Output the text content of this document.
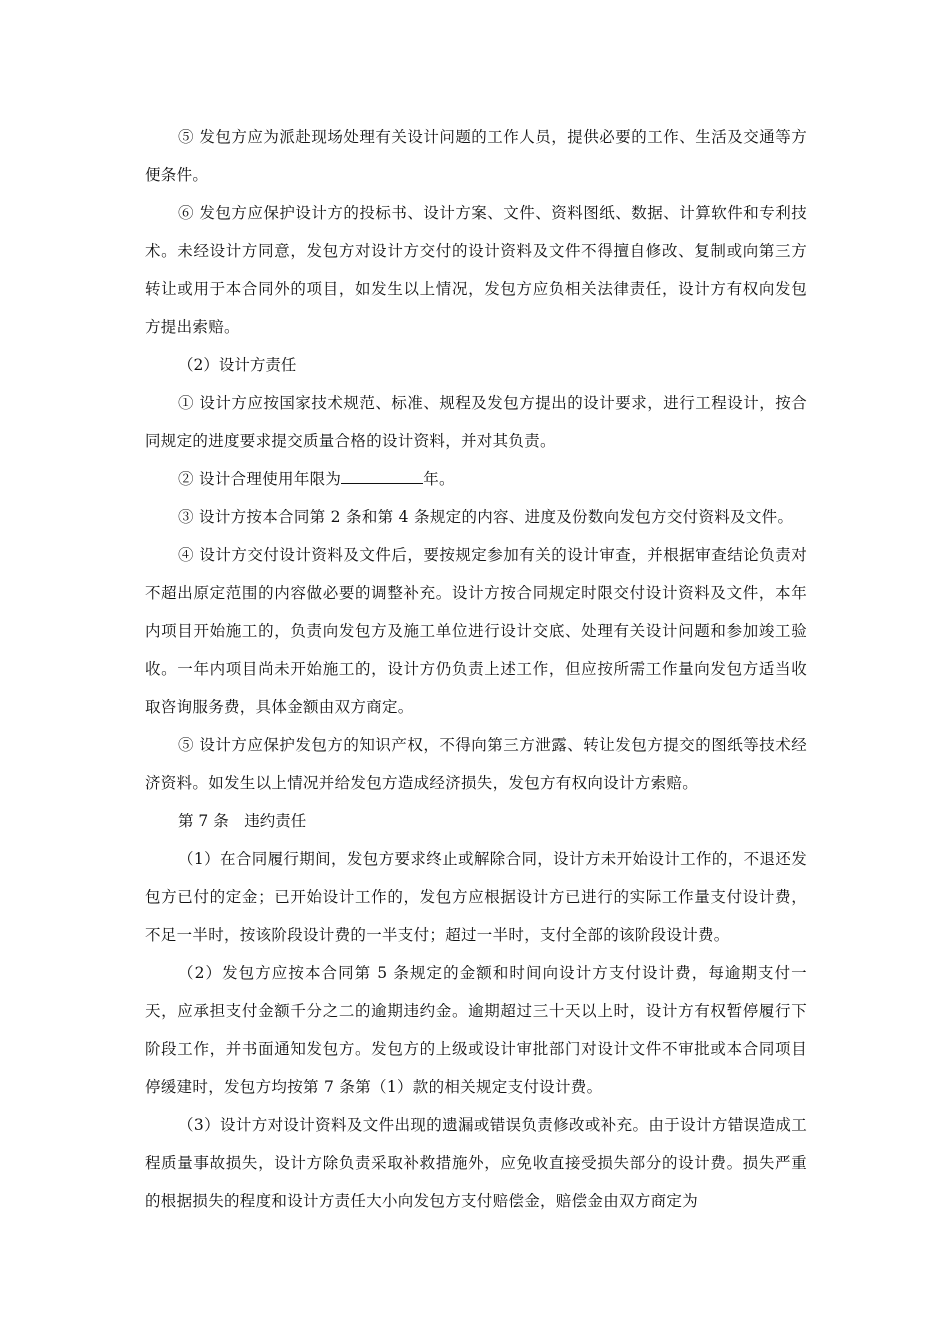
⑤ 发包方应为派赴现场处理有关设计问题的工作人员，提供必要的工作、生活及交通等方便条件。

⑥ 发包方应保护设计方的投标书、设计方案、文件、资料图纸、数据、计算软件和专利技术。未经设计方同意，发包方对设计方交付的设计资料及文件不得擅自修改、复制或向第三方转让或用于本合同外的项目，如发生以上情况，发包方应负相关法律责任，设计方有权向发包方提出索赔。

（2）设计方责任

① 设计方应按国家技术规范、标准、规程及发包方提出的设计要求，进行工程设计，按合同规定的进度要求提交质量合格的设计资料，并对其负责。

② 设计合理使用年限为	年。

③ 设计方按本合同第 2 条和第 4 条规定的内容、进度及份数向发包方交付资料及文件。

④ 设计方交付设计资料及文件后，要按规定参加有关的设计审查，并根据审查结论负责对不超出原定范围的内容做必要的调整补充。设计方按合同规定时限交付设计资料及文件，本年内项目开始施工的，负责向发包方及施工单位进行设计交底、处理有关设计问题和参加竣工验收。一年内项目尚未开始施工的，设计方仍负责上述工作，但应按所需工作量向发包方适当收取咨询服务费，具体金额由双方商定。

⑤ 设计方应保护发包方的知识产权，不得向第三方泄露、转让发包方提交的图纸等技术经济资料。如发生以上情况并给发包方造成经济损失，发包方有权向设计方索赔。

第 7 条　违约责任

（1）在合同履行期间，发包方要求终止或解除合同，设计方未开始设计工作的，不退还发包方已付的定金；已开始设计工作的，发包方应根据设计方已进行的实际工作量支付设计费，不足一半时，按该阶段设计费的一半支付；超过一半时，支付全部的该阶段设计费。

（2）发包方应按本合同第 5 条规定的金额和时间向设计方支付设计费，每逾期支付一天，应承担支付金额千分之二的逾期违约金。逾期超过三十天以上时，设计方有权暂停履行下阶段工作，并书面通知发包方。发包方的上级或设计审批部门对设计文件不审批或本合同项目停缓建时，发包方均按第 7 条第（1）款的相关规定支付设计费。

（3）设计方对设计资料及文件出现的遗漏或错误负责修改或补充。由于设计方错误造成工程质量事故损失，设计方除负责采取补救措施外，应免收直接受损失部分的设计费。损失严重的根据损失的程度和设计方责任大小向发包方支付赔偿金，赔偿金由双方商定为
